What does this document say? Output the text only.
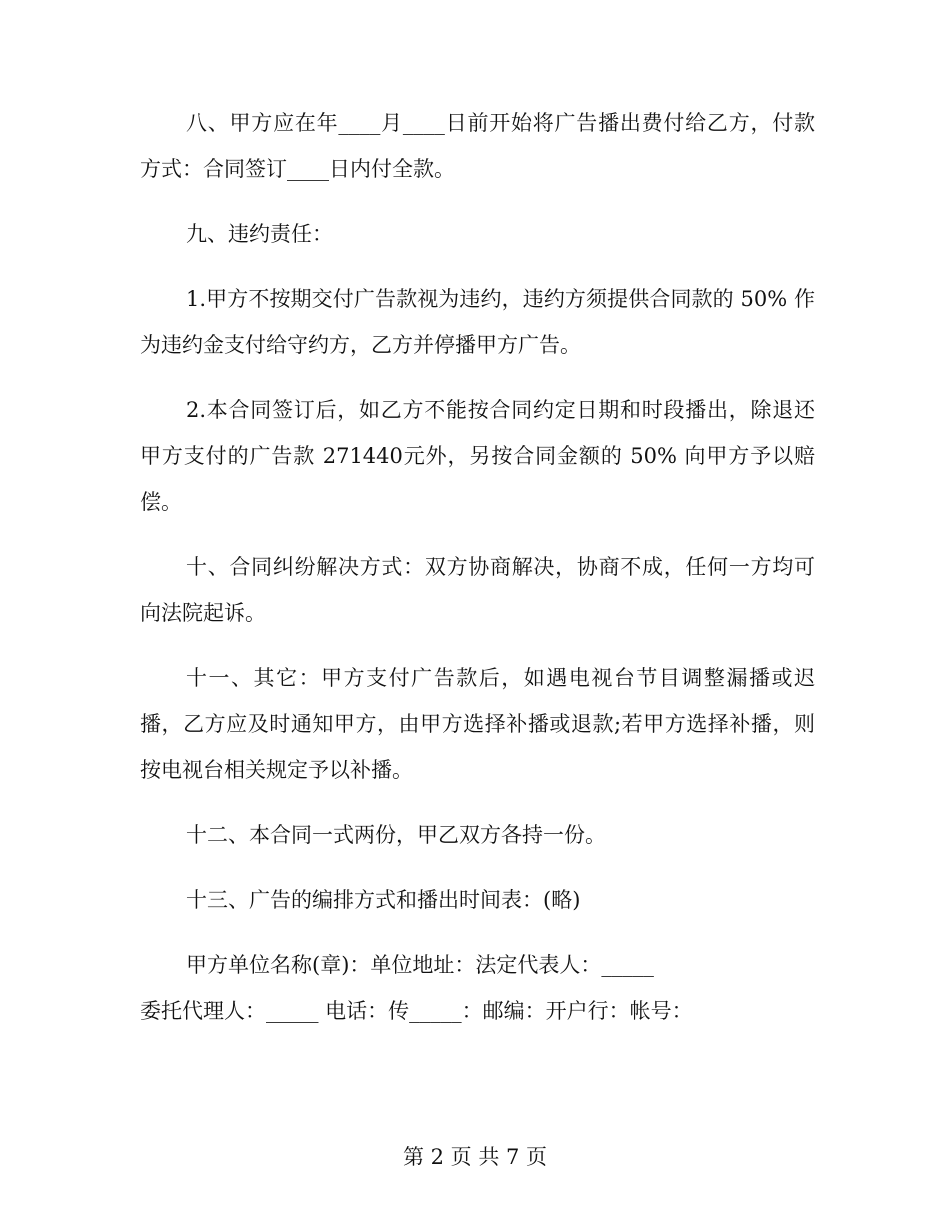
八、甲方应在年____月____日前开始将广告播出费付给乙方，付款方式：合同签订____日内付全款。

九、违约责任：

1.甲方不按期交付广告款视为违约，违约方须提供合同款的 50% 作为违约金支付给守约方，乙方并停播甲方广告。

2.本合同签订后，如乙方不能按合同约定日期和时段播出，除退还甲方支付的广告款 271440元外，另按合同金额的 50% 向甲方予以赔偿。

十、合同纠纷解决方式：双方协商解决，协商不成，任何一方均可向法院起诉。

十一、其它：甲方支付广告款后，如遇电视台节目调整漏播或迟播，乙方应及时通知甲方，由甲方选择补播或退款;若甲方选择补播，则按电视台相关规定予以补播。

十二、本合同一式两份，甲乙双方各持一份。

十三、广告的编排方式和播出时间表：(略)

甲方单位名称(章)：单位地址：法定代表人：_____

委托代理人：_____ 电话：传_____：邮编：开户行：帐号：

第 2 页 共 7 页
